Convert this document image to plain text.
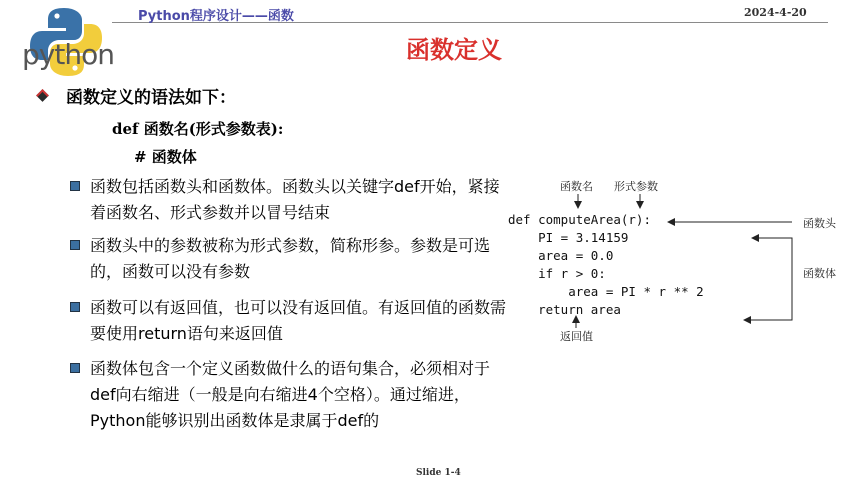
Python程序设计——函数	2024-4-20
python	函数定义
函数定义的语法如下：
def 函数名(形式参数表):
# 函数体
函数包括函数头和函数体。函数头以关键字def开始，紧接着函数名、形式参数并以冒号结束
函数头中的参数被称为形式参数，简称形参。参数是可选的，函数可以没有参数
函数可以有返回值，也可以没有返回值。有返回值的函数需要使用return语句来返回值
函数体包含一个定义函数做什么的语句集合，必须相对于def向右缩进（一般是向右缩进4个空格）。通过缩进，Python能够识别出函数体是隶属于def的
函数名 形式参数
def computeArea(r):
PI = 3.14159
area = 0.0
if r > 0:
area = PI * r ** 2
return area
函数头
函数体
返回值
Slide 1-4
